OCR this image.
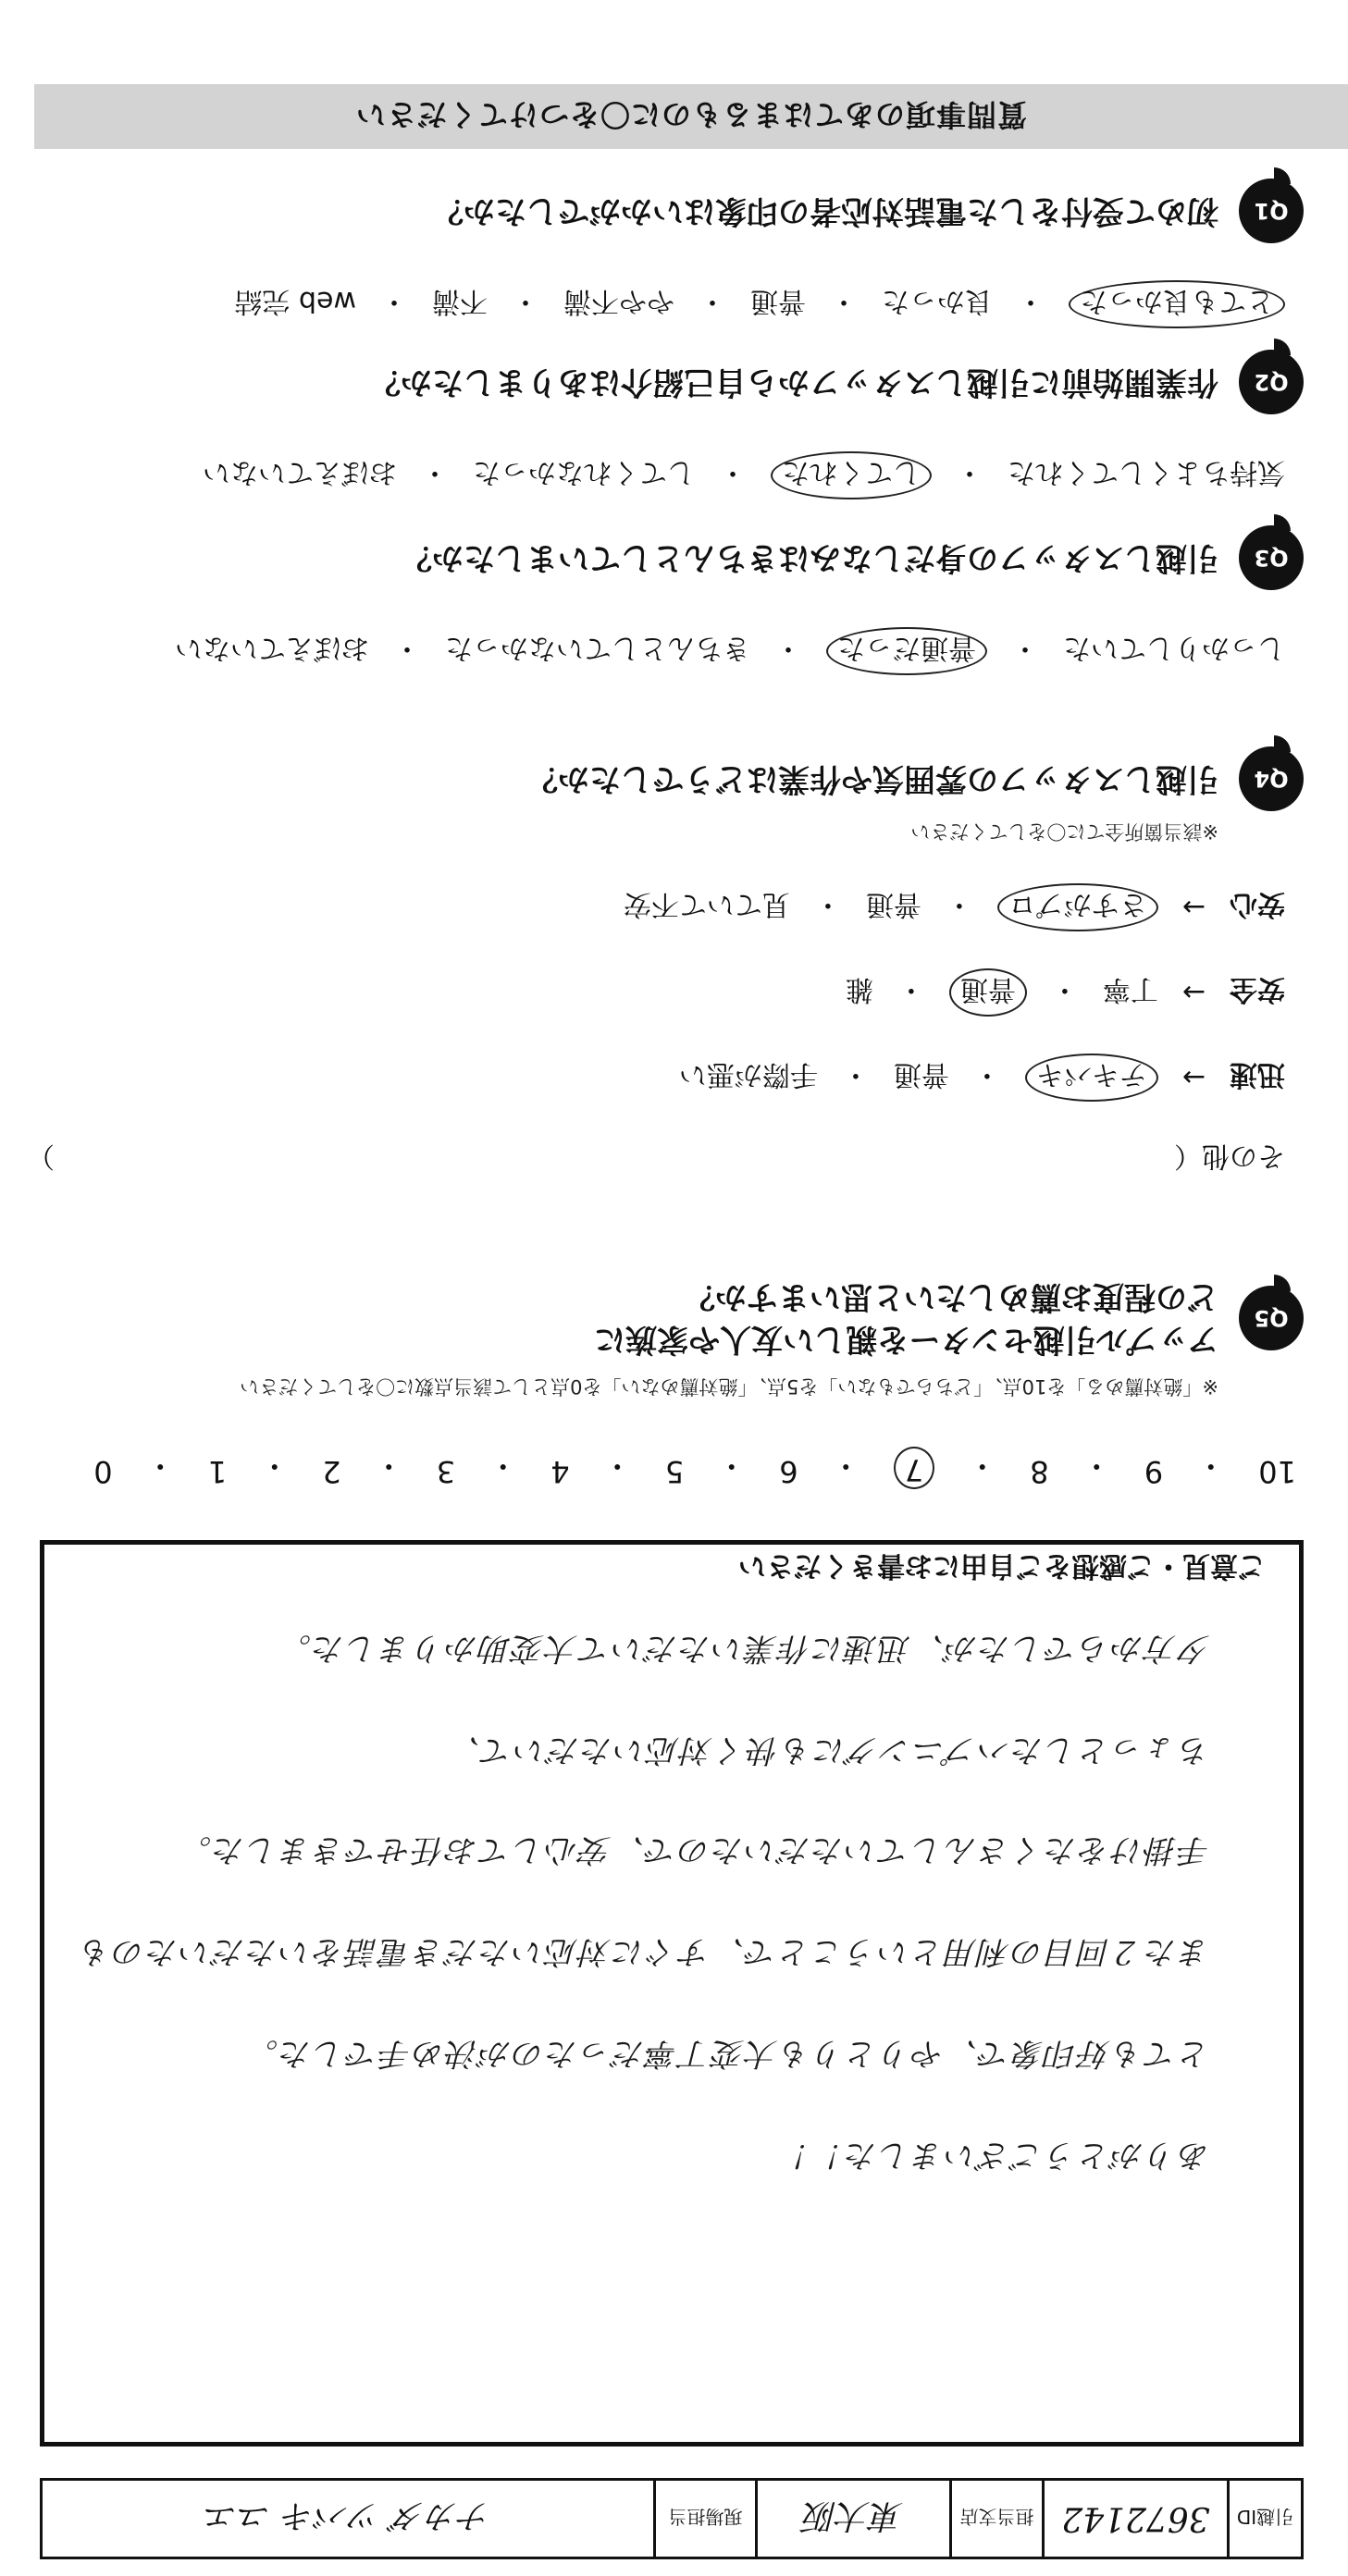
引越ID
3672142
担当支店
東大阪
現場担当
ナカダ ツバキ ユエ
夕方からでしたが、迅速に作業いただいて大変助かりました。
ちょっとしたハプニングにも快く対応いただいて、
手掛けをたくさんしていただいたので、安心してお任せできました。
また２回目の利用ということで、すぐに対応いただき電話をいただいたのも
とても好印象で、やりとりも大変丁寧だったのが決め手でした。
ありがとうございました！！
ご意見・ご感想をご自由にお書きください
10
・
9
・
8
・
7
・
6
・
5
・
4
・
3
・
2
・
1
・
0
※「絶対薦める」を10点、「どちらでもない」を5点、「絶対薦めない」を0点として該当点数に〇をしてください
Q5
アップル引越センターを親しい友人や家族に
どの程度お薦めしたいと思いますか？
その他（
）
迅速
→
テキパキ
・
普通
・
手際が悪い
安全
→
丁寧
・
普通
・
雑
安心
→
さすがプロ
・
普通
・
見ていて不安
※該当箇所全てに〇をしてください
Q4
引越しスタッフの雰囲気や作業はどうでしたか？
しっかりしていた
・
普通だった
・
きちんとしていなかった
・
おぼえていない
Q3
引越しスタッフの身だしなみはきちんとしていましたか？
気持ちよくしてくれた
・
してくれた
・
してくれなかった
・
おぼえていない
Q2
作業開始前に引越しスタッフから自己紹介はありましたか？
とても良かった
・
良かった
・
普通
・
やや不満
・
不満
・
web 完結
Q1
初めて受付をした電話対応者の印象はいかがでしたか？
質問事項のあてはまるものに〇をつけてください
